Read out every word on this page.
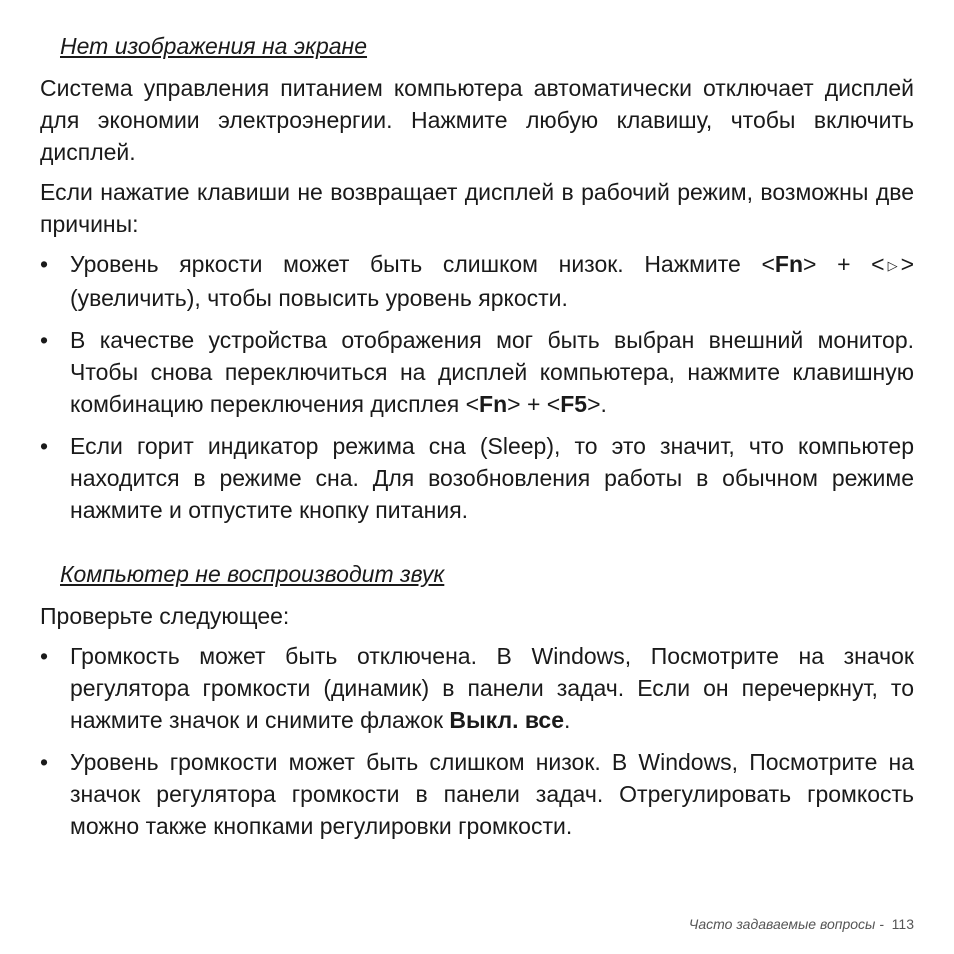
Нет изображения на экране

Система управления питанием компьютера автоматически отключает дисплей для экономии электроэнергии. Нажмите любую клавишу, чтобы включить дисплей.

Если нажатие клавиши не возвращает дисплей в рабочий режим, возможны две причины:

• Уровень яркости может быть слишком низок. Нажмите <Fn> + < ▷ > (увеличить), чтобы повысить уровень яркости.
• В качестве устройства отображения мог быть выбран внешний монитор. Чтобы снова переключиться на дисплей компьютера, нажмите клавишную комбинацию переключения дисплея <Fn> + <F5>.
• Если горит индикатор режима сна (Sleep), то это значит, что компьютер находится в режиме сна. Для возобновления работы в обычном режиме нажмите и отпустите кнопку питания.
Компьютер не воспроизводит звук

Проверьте следующее:

• Громкость может быть отключена. В Windows, Посмотрите на значок регулятора громкости (динамик) в панели задач. Если он перечеркнут, то нажмите значок и снимите флажок Выкл. все.
• Уровень громкости может быть слишком низок. В Windows, Посмотрите на значок регулятора громкости в панели задач. Отрегулировать громкость можно также кнопками регулировки громкости.
Часто задаваемые вопросы - 113
